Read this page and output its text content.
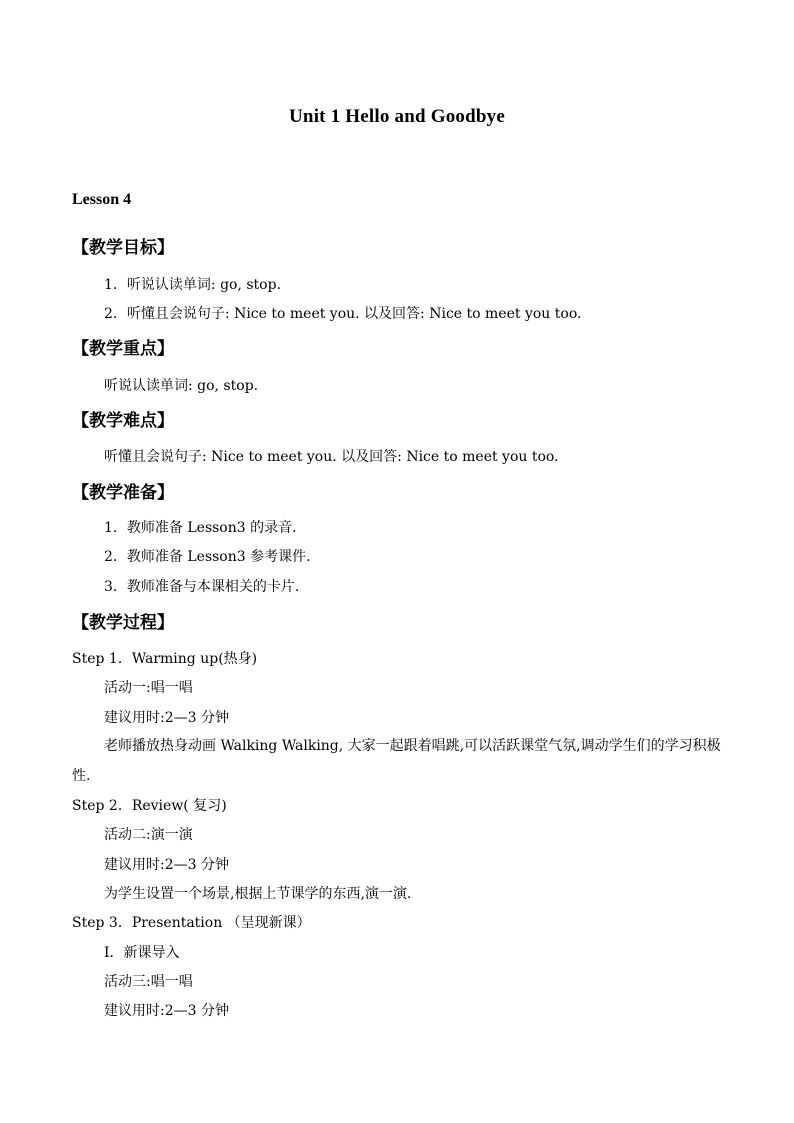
Unit 1 Hello and Goodbye
Lesson 4
【教学目标】
1．听说认读单词: go, stop.
2．听懂且会说句子: Nice to meet you. 以及回答: Nice to meet you too.
【教学重点】
听说认读单词: go, stop.
【教学难点】
听懂且会说句子: Nice to meet you. 以及回答: Nice to meet you too.
【教学准备】
1．教师准备 Lesson3 的录音.
2．教师准备 Lesson3 参考课件.
3．教师准备与本课相关的卡片.
【教学过程】
Step 1．Warming up(热身)
活动一:唱一唱
建议用时:2—3 分钟
老师播放热身动画 Walking Walking, 大家一起跟着唱跳,可以活跃课堂气氛,调动学生们的学习积极性.
Step 2．Review( 复习)
活动二:演一演
建议用时:2—3 分钟
为学生设置一个场景,根据上节课学的东西,演一演.
Step 3．Presentation （呈现新课）
Ⅰ．新课导入
活动三:唱一唱
建议用时:2—3 分钟
